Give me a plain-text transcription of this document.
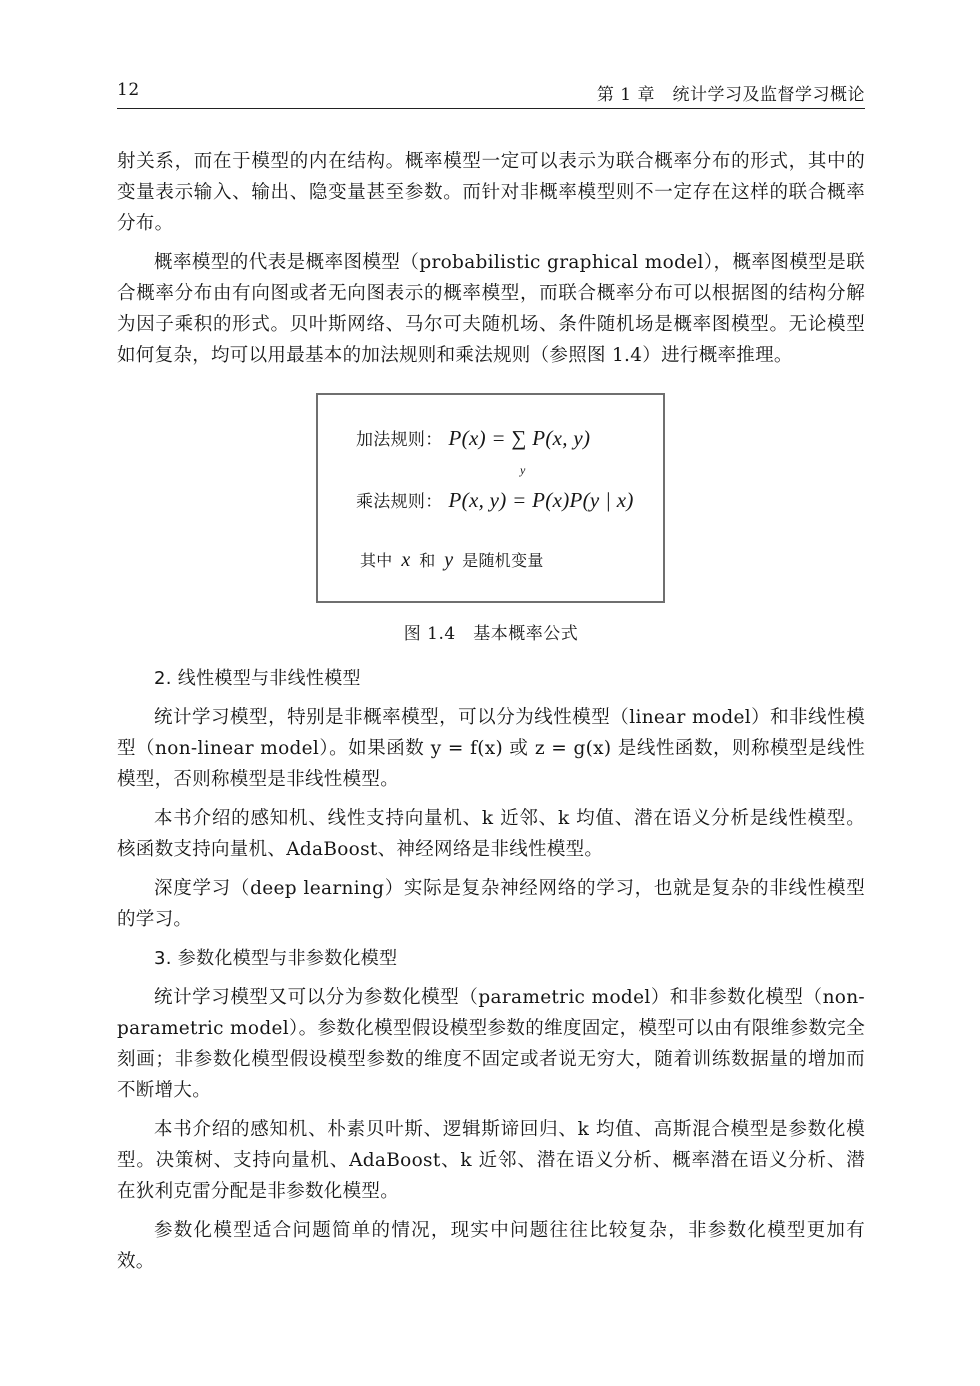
12	第 1 章　统计学习及监督学习概论

射关系，而在于模型的内在结构。概率模型一定可以表示为联合概率分布的形式，其中的变量表示输入、输出、隐变量甚至参数。而针对非概率模型则不一定存在这样的联合概率分布。

概率模型的代表是概率图模型（probabilistic graphical model），概率图模型是联合概率分布由有向图或者无向图表示的概率模型，而联合概率分布可以根据图的结构分解为因子乘积的形式。贝叶斯网络、马尔可夫随机场、条件随机场是概率图模型。无论模型如何复杂，均可以用最基本的加法规则和乘法规则（参照图 1.4）进行概率推理。

加法规则： P(x) = ∑ P(x, y)
y
乘法规则： P(x, y) = P(x)P(y | x)
其中 x 和 y 是随机变量
图 1.4　基本概率公式
2. 线性模型与非线性模型

统计学习模型，特别是非概率模型，可以分为线性模型（linear model）和非线性模型（non-linear model）。如果函数 y = f(x) 或 z = g(x) 是线性函数，则称模型是线性模型，否则称模型是非线性模型。

本书介绍的感知机、线性支持向量机、k 近邻、k 均值、潜在语义分析是线性模型。核函数支持向量机、AdaBoost、神经网络是非线性模型。

深度学习（deep learning）实际是复杂神经网络的学习，也就是复杂的非线性模型的学习。

3. 参数化模型与非参数化模型

统计学习模型又可以分为参数化模型（parametric model）和非参数化模型（non-parametric model）。参数化模型假设模型参数的维度固定，模型可以由有限维参数完全刻画；非参数化模型假设模型参数的维度不固定或者说无穷大，随着训练数据量的增加而不断增大。

本书介绍的感知机、朴素贝叶斯、逻辑斯谛回归、k 均值、高斯混合模型是参数化模型。决策树、支持向量机、AdaBoost、k 近邻、潜在语义分析、概率潜在语义分析、潜在狄利克雷分配是非参数化模型。

参数化模型适合问题简单的情况，现实中问题往往比较复杂，非参数化模型更加有效。
